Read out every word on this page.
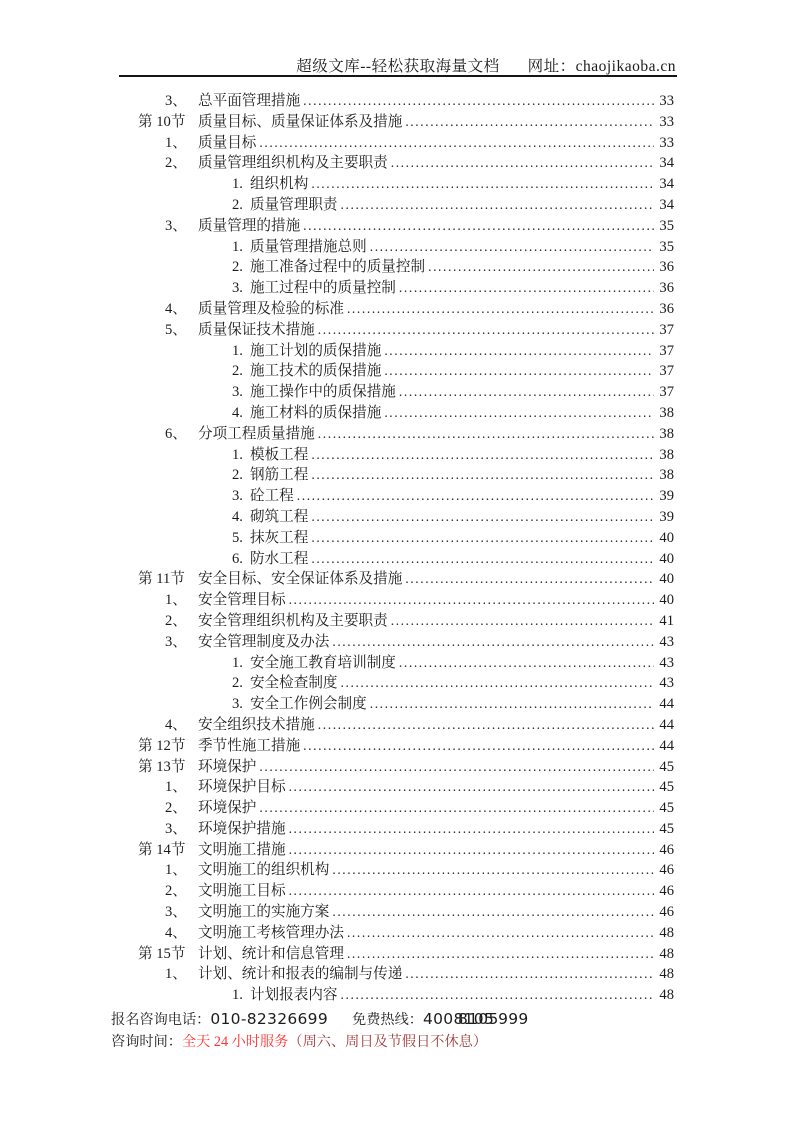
超级文库--轻松获取海量文档 网址：chaojikaoba.cn
3、 总平面管理措施 .....	33
第 10节 质量目标、质量保证体系及措施 .....	33
1、 质量目标 .....	33
2、 质量管理组织机构及主要职责 .....	34
1. 组织机构 .....	34
2. 质量管理职责 .....	34
3、 质量管理的措施 .....	35
1. 质量管理措施总则 .....	35
2. 施工准备过程中的质量控制 .....	36
3. 施工过程中的质量控制 .....	36
4、 质量管理及检验的标准 .....	36
5、 质量保证技术措施 .....	37
1. 施工计划的质保措施 .....	37
2. 施工技术的质保措施 .....	37
3. 施工操作中的质保措施 .....	37
4. 施工材料的质保措施 .....	38
6、 分项工程质量措施 .....	38
1. 模板工程 .....	38
2. 钢筋工程 .....	38
3. 砼工程 .....	39
4. 砌筑工程 .....	39
5. 抹灰工程 .....	40
6. 防水工程 .....	40
第 11节 安全目标、安全保证体系及措施 .....	40
1、 安全管理目标 .....	40
2、 安全管理组织机构及主要职责 .....	41
3、 安全管理制度及办法 .....	43
1. 安全施工教育培训制度 .....	43
2. 安全检查制度 .....	43
3. 安全工作例会制度 .....	44
4、 安全组织技术措施 .....	44
第 12节 季节性施工措施 .....	44
第 13节 环境保护 .....	45
1、 环境保护目标 .....	45
2、 环境保护 .....	45
3、 环境保护措施 .....	45
第 14节 文明施工措施 .....	46
1、 文明施工的组织机构 .....	46
2、 文明施工目标 .....	46
3、 文明施工的实施方案 .....	46
4、 文明施工考核管理办法 .....	48
第 15节 计划、统计和信息管理 .....	48
1、 计划、统计和报表的编制与传递 .....	48
1. 计划报表内容 .....	48
报名咨询电话：010-82326699 免费热线：4008105 999
咨询时间：全天 24 小时服务（周六、周日及节假日不休息）
